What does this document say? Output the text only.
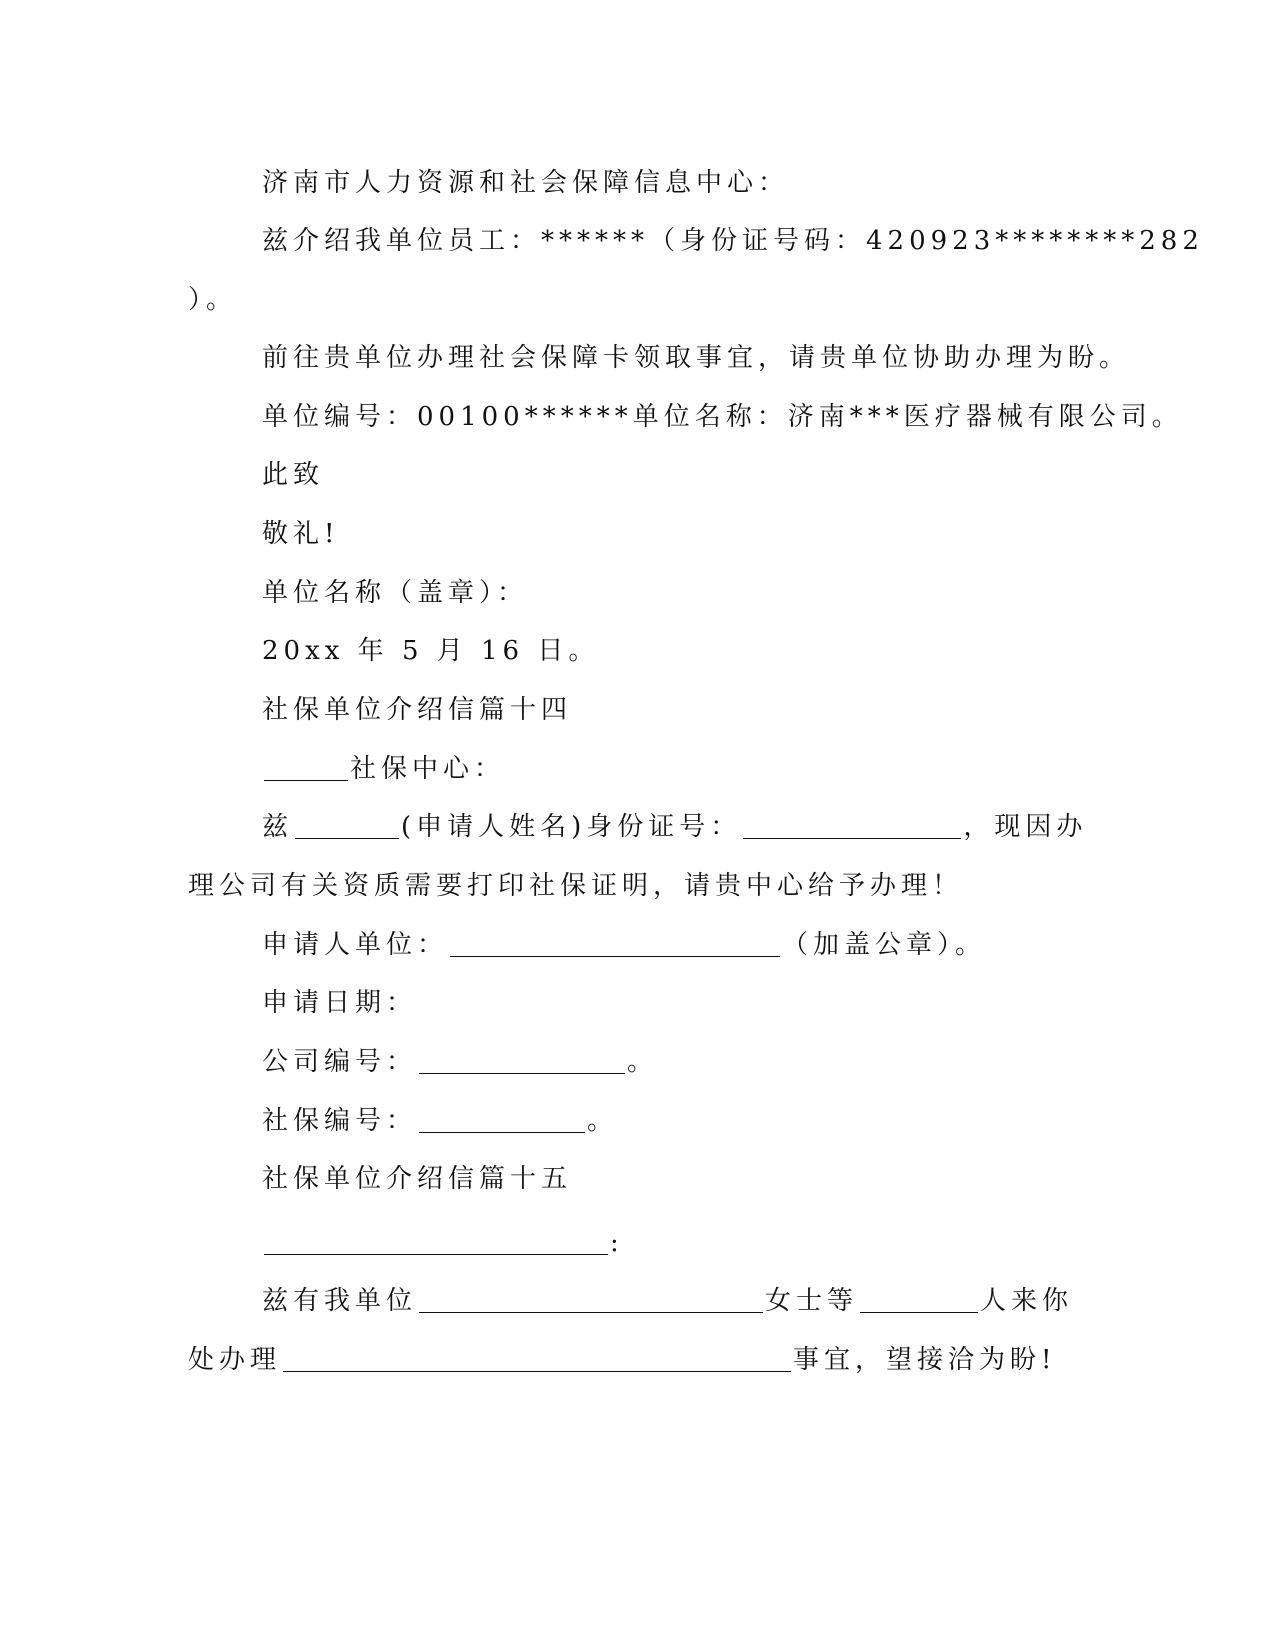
济南市人力资源和社会保障信息中心：
兹介绍我单位员工：******（身份证号码：420923********282
）。
前往贵单位办理社会保障卡领取事宜，请贵单位协助办理为盼。
单位编号：00100******单位名称：济南***医疗器械有限公司。
此致
敬礼!
单位名称（盖章）：
20xx 年 5 月 16 日。
社保单位介绍信篇十四
社保中心：
兹	(申请人姓名)身份证号：	，现因办
理公司有关资质需要打印社保证明，请贵中心给予办理！
申请人单位：	（加盖公章）。
申请日期：
公司编号：	。
社保编号：	。
社保单位介绍信篇十五
:
兹有我单位	女士等	人来你
处办理	事宜，望接洽为盼!
